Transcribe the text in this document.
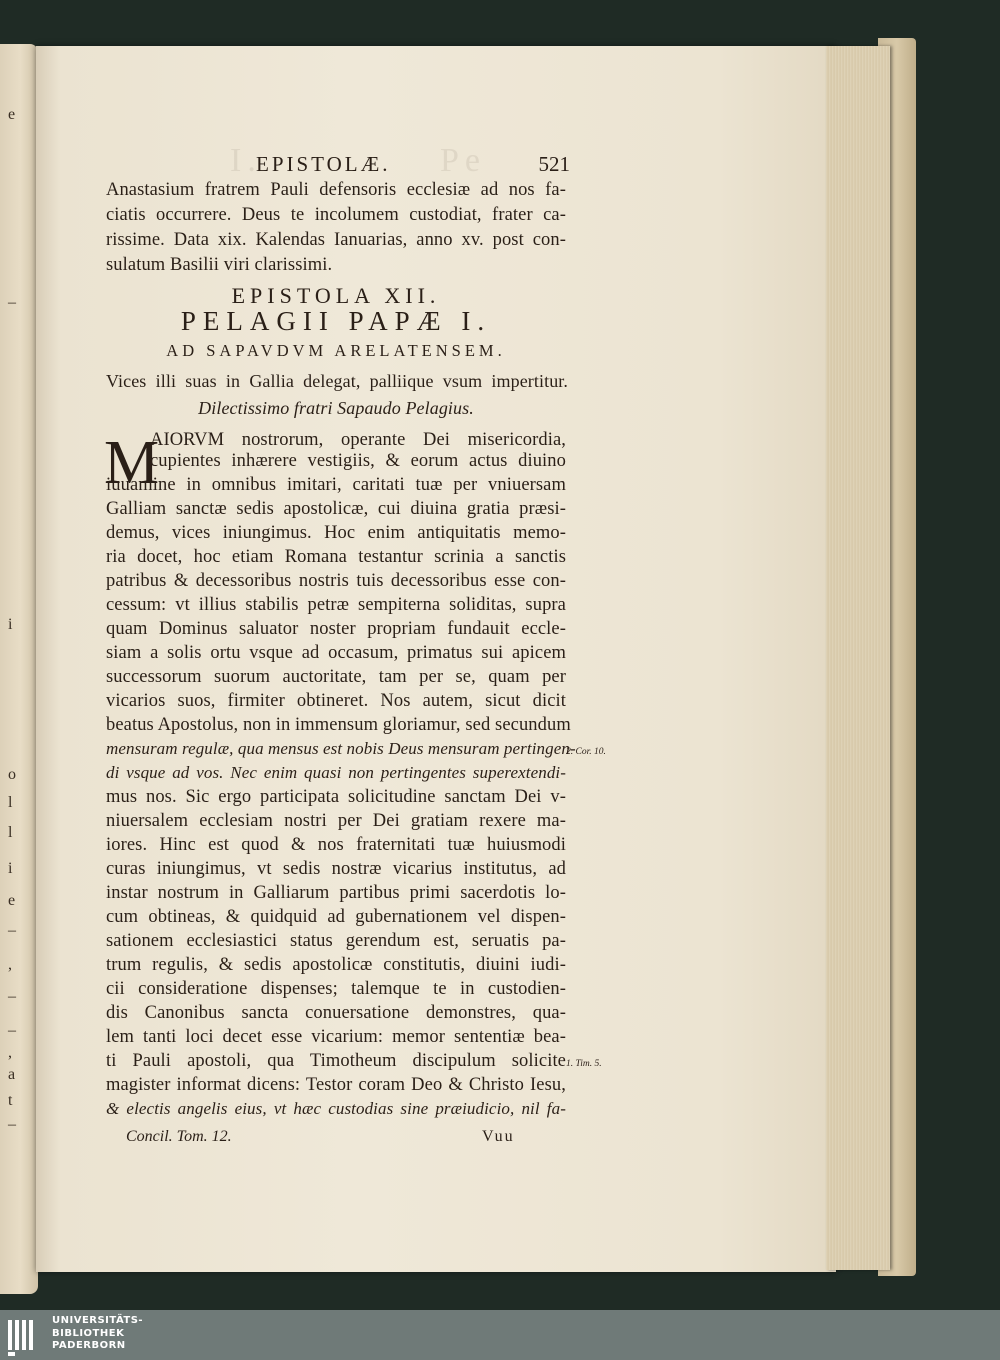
e
–
i
o
l
l
i
e
–
,
–
–
,
a
t
–
I.	Pe
EPISTOLÆ.	521
Anastasium fratrem Pauli defensoris ecclesiæ ad nos fa-
ciatis occurrere. Deus te incolumem custodiat, frater ca-
rissime. Data xix. Kalendas Ianuarias, anno xv. post con-
sulatum Basilii viri clarissimi.
EPISTOLA XII.
PELAGII PAPÆ I.
AD SAPAVDVM ARELATENSEM.
Vices illi suas in Gallia delegat, palliique vsum impertitur.
Dilectissimo fratri Sapaudo Pelagius.
M
AIORVM nostrorum, operante Dei misericordia,
cupientes inhærere vestigiis, & eorum actus diuino
iuuamine in omnibus imitari, caritati tuæ per vniuersam
Galliam sanctæ sedis apostolicæ, cui diuina gratia præsi-
demus, vices iniungimus. Hoc enim antiquitatis memo-
ria docet, hoc etiam Romana testantur scrinia a sanctis
patribus & decessoribus nostris tuis decessoribus esse con-
cessum: vt illius stabilis petræ sempiterna soliditas, supra
quam Dominus saluator noster propriam fundauit eccle-
siam a solis ortu vsque ad occasum, primatus sui apicem
successorum suorum auctoritate, tam per se, quam per
vicarios suos, firmiter obtineret. Nos autem, sicut dicit
beatus Apostolus, non in immensum gloriamur, sed secundum
mensuram regulæ, qua mensus est nobis Deus mensuram pertingen-
di vsque ad vos. Nec enim quasi non pertingentes superextendi-
mus nos. Sic ergo participata solicitudine sanctam Dei v-
niuersalem ecclesiam nostri per Dei gratiam rexere ma-
iores. Hinc est quod & nos fraternitati tuæ huiusmodi
curas iniungimus, vt sedis nostræ vicarius institutus, ad
instar nostrum in Galliarum partibus primi sacerdotis lo-
cum obtineas, & quidquid ad gubernationem vel dispen-
sationem ecclesiastici status gerendum est, seruatis pa-
trum regulis, & sedis apostolicæ constitutis, diuini iudi-
cii consideratione dispenses; talemque te in custodien-
dis Canonibus sancta conuersatione demonstres, qua-
lem tanti loci decet esse vicarium: memor sententiæ bea-
ti Pauli apostoli, qua Timotheum discipulum solicite
magister informat dicens: Testor coram Deo & Christo Iesu,
& electis angelis eius, vt hæc custodias sine præiudicio, nil fa-
2. Cor. 10.
1. Tim. 5.
Concil. Tom. 12.	Vuu
UNIVERSITÄTS-
BIBLIOTHEK
PADERBORN
